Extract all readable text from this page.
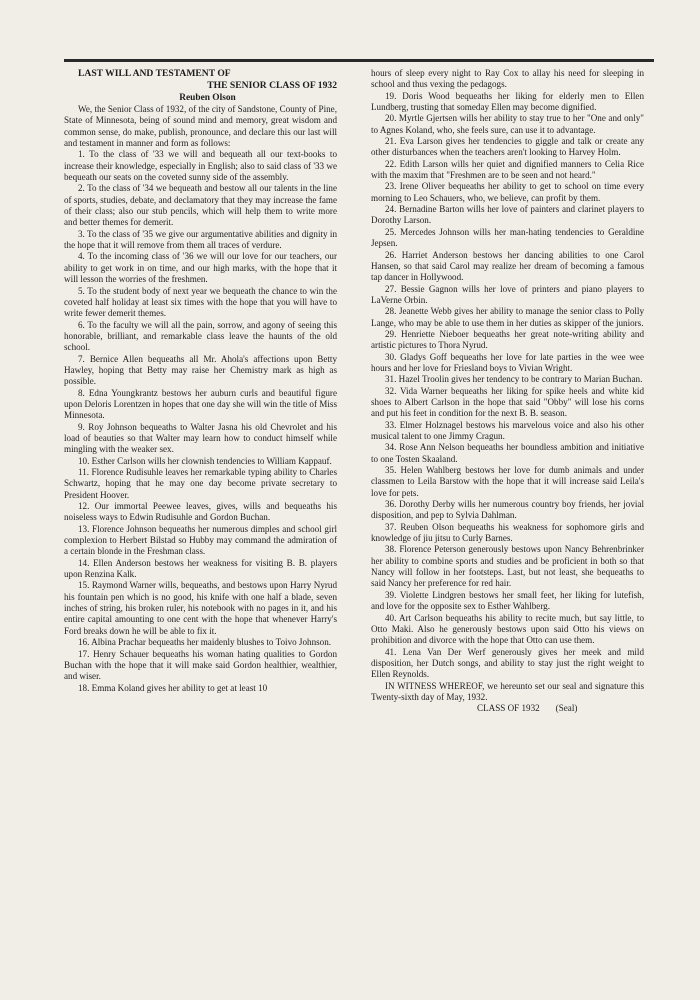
LAST WILL AND TESTAMENT OF

THE SENIOR CLASS OF 1932

Reuben Olson

We, the Senior Class of 1932, of the city of Sandstone, County of Pine, State of Minnesota, being of sound mind and memory, great wisdom and common sense, do make, publish, pronounce, and declare this our last will and testament in manner and form as follows:

1. To the class of '33 we will and bequeath all our text-books to increase their knowledge, especially in English; also to said class of '33 we bequeath our seats on the coveted sunny side of the assembly.

2. To the class of '34 we bequeath and bestow all our talents in the line of sports, studies, debate, and declamatory that they may increase the fame of their class; also our stub pencils, which will help them to write more and better themes for demerit.

3. To the class of '35 we give our argumentative abilities and dignity in the hope that it will remove from them all traces of verdure.

4. To the incoming class of '36 we will our love for our teachers, our ability to get work in on time, and our high marks, with the hope that it will lesson the worries of the freshmen.

5. To the student body of next year we bequeath the chance to win the coveted half holiday at least six times with the hope that you will have to write fewer demerit themes.

6. To the faculty we will all the pain, sorrow, and agony of seeing this honorable, brilliant, and remarkable class leave the haunts of the old school.

7. Bernice Allen bequeaths all Mr. Ahola's affections upon Betty Hawley, hoping that Betty may raise her Chemistry mark as high as possible.

8. Edna Youngkrantz bestows her auburn curls and beautiful figure upon Deloris Lorentzen in hopes that one day she will win the title of Miss Minnesota.

9. Roy Johnson bequeaths to Walter Jasna his old Chevrolet and his load of beauties so that Walter may learn how to conduct himself while mingling with the weaker sex.

10. Esther Carlson wills her clownish tendencies to William Kappauf.

11. Florence Rudisuhle leaves her remarkable typing ability to Charles Schwartz, hoping that he may one day become private secretary to President Hoover.

12. Our immortal Peewee leaves, gives, wills and bequeaths his noiseless ways to Edwin Rudisuhle and Gordon Buchan.

13. Florence Johnson bequeaths her numerous dimples and school girl complexion to Herbert Bilstad so Hubby may command the admiration of a certain blonde in the Freshman class.

14. Ellen Anderson bestows her weakness for visiting B. B. players upon Renzina Kalk.

15. Raymond Warner wills, bequeaths, and bestows upon Harry Nyrud his fountain pen which is no good, his knife with one half a blade, seven inches of string, his broken ruler, his notebook with no pages in it, and his entire capital amounting to one cent with the hope that whenever Harry's Ford breaks down he will be able to fix it.

16. Albina Prachar bequeaths her maidenly blushes to Toivo Johnson.

17. Henry Schauer bequeaths his woman hating qualities to Gordon Buchan with the hope that it will make said Gordon healthier, wealthier, and wiser.

18. Emma Koland gives her ability to get at least 10

hours of sleep every night to Ray Cox to allay his need for sleeping in school and thus vexing the pedagogs.

19. Doris Wood bequeaths her liking for elderly men to Ellen Lundberg, trusting that someday Ellen may become dignified.

20. Myrtle Gjertsen wills her ability to stay true to her "One and only" to Agnes Koland, who, she feels sure, can use it to advantage.

21. Eva Larson gives her tendencies to giggle and talk or create any other disturbances when the teachers aren't looking to Harvey Holm.

22. Edith Larson wills her quiet and dignified manners to Celia Rice with the maxim that "Freshmen are to be seen and not heard."

23. Irene Oliver bequeaths her ability to get to school on time every morning to Leo Schauers, who, we believe, can profit by them.

24. Bernadine Barton wills her love of painters and clarinet players to Dorothy Larson.

25. Mercedes Johnson wills her man-hating tendencies to Geraldine Jepsen.

26. Harriet Anderson bestows her dancing abilities to one Carol Hansen, so that said Carol may realize her dream of becoming a famous tap dancer in Hollywood.

27. Bessie Gagnon wills her love of printers and piano players to LaVerne Orbin.

28. Jeanette Webb gives her ability to manage the senior class to Polly Lange, who may be able to use them in her duties as skipper of the juniors.

29. Henriette Nieboer bequeaths her great note-writing ability and artistic pictures to Thora Nyrud.

30. Gladys Goff bequeaths her love for late parties in the wee wee hours and her love for Friesland boys to Vivian Wright.

31. Hazel Troolin gives her tendency to be contrary to Marian Buchan.

32. Vida Warner bequeaths her liking for spike heels and white kid shoes to Albert Carlson in the hope that said "Obby" will lose his corns and put his feet in condition for the next B. B. season.

33. Elmer Holznagel bestows his marvelous voice and also his other musical talent to one Jimmy Cragun.

34. Rose Ann Nelson bequeaths her boundless ambition and initiative to one Tosten Skaaland.

35. Helen Wahlberg bestows her love for dumb animals and under classmen to Leila Barstow with the hope that it will increase said Leila's love for pets.

36. Dorothy Derby wills her numerous country boy friends, her jovial disposition, and pep to Sylvia Dahlman.

37. Reuben Olson bequeaths his weakness for sophomore girls and knowledge of jiu jitsu to Curly Barnes.

38. Florence Peterson generously bestows upon Nancy Behrenbrinker her ability to combine sports and studies and be proficient in both so that Nancy will follow in her footsteps. Last, but not least, she bequeaths to said Nancy her preference for red hair.

39. Violette Lindgren bestows her small feet, her liking for lutefish, and love for the opposite sex to Esther Wahlberg.

40. Art Carlson bequeaths his ability to recite much, but say little, to Otto Maki. Also he generously bestows upon said Otto his views on prohibition and divorce with the hope that Otto can use them.

41. Lena Van Der Werf generously gives her meek and mild disposition, her Dutch songs, and ability to stay just the right weight to Ellen Reynolds.

IN WITNESS WHEREOF, we hereunto set our seal and signature this Twenty-sixth day of May, 1932.

CLASS OF 1932 (Seal)
